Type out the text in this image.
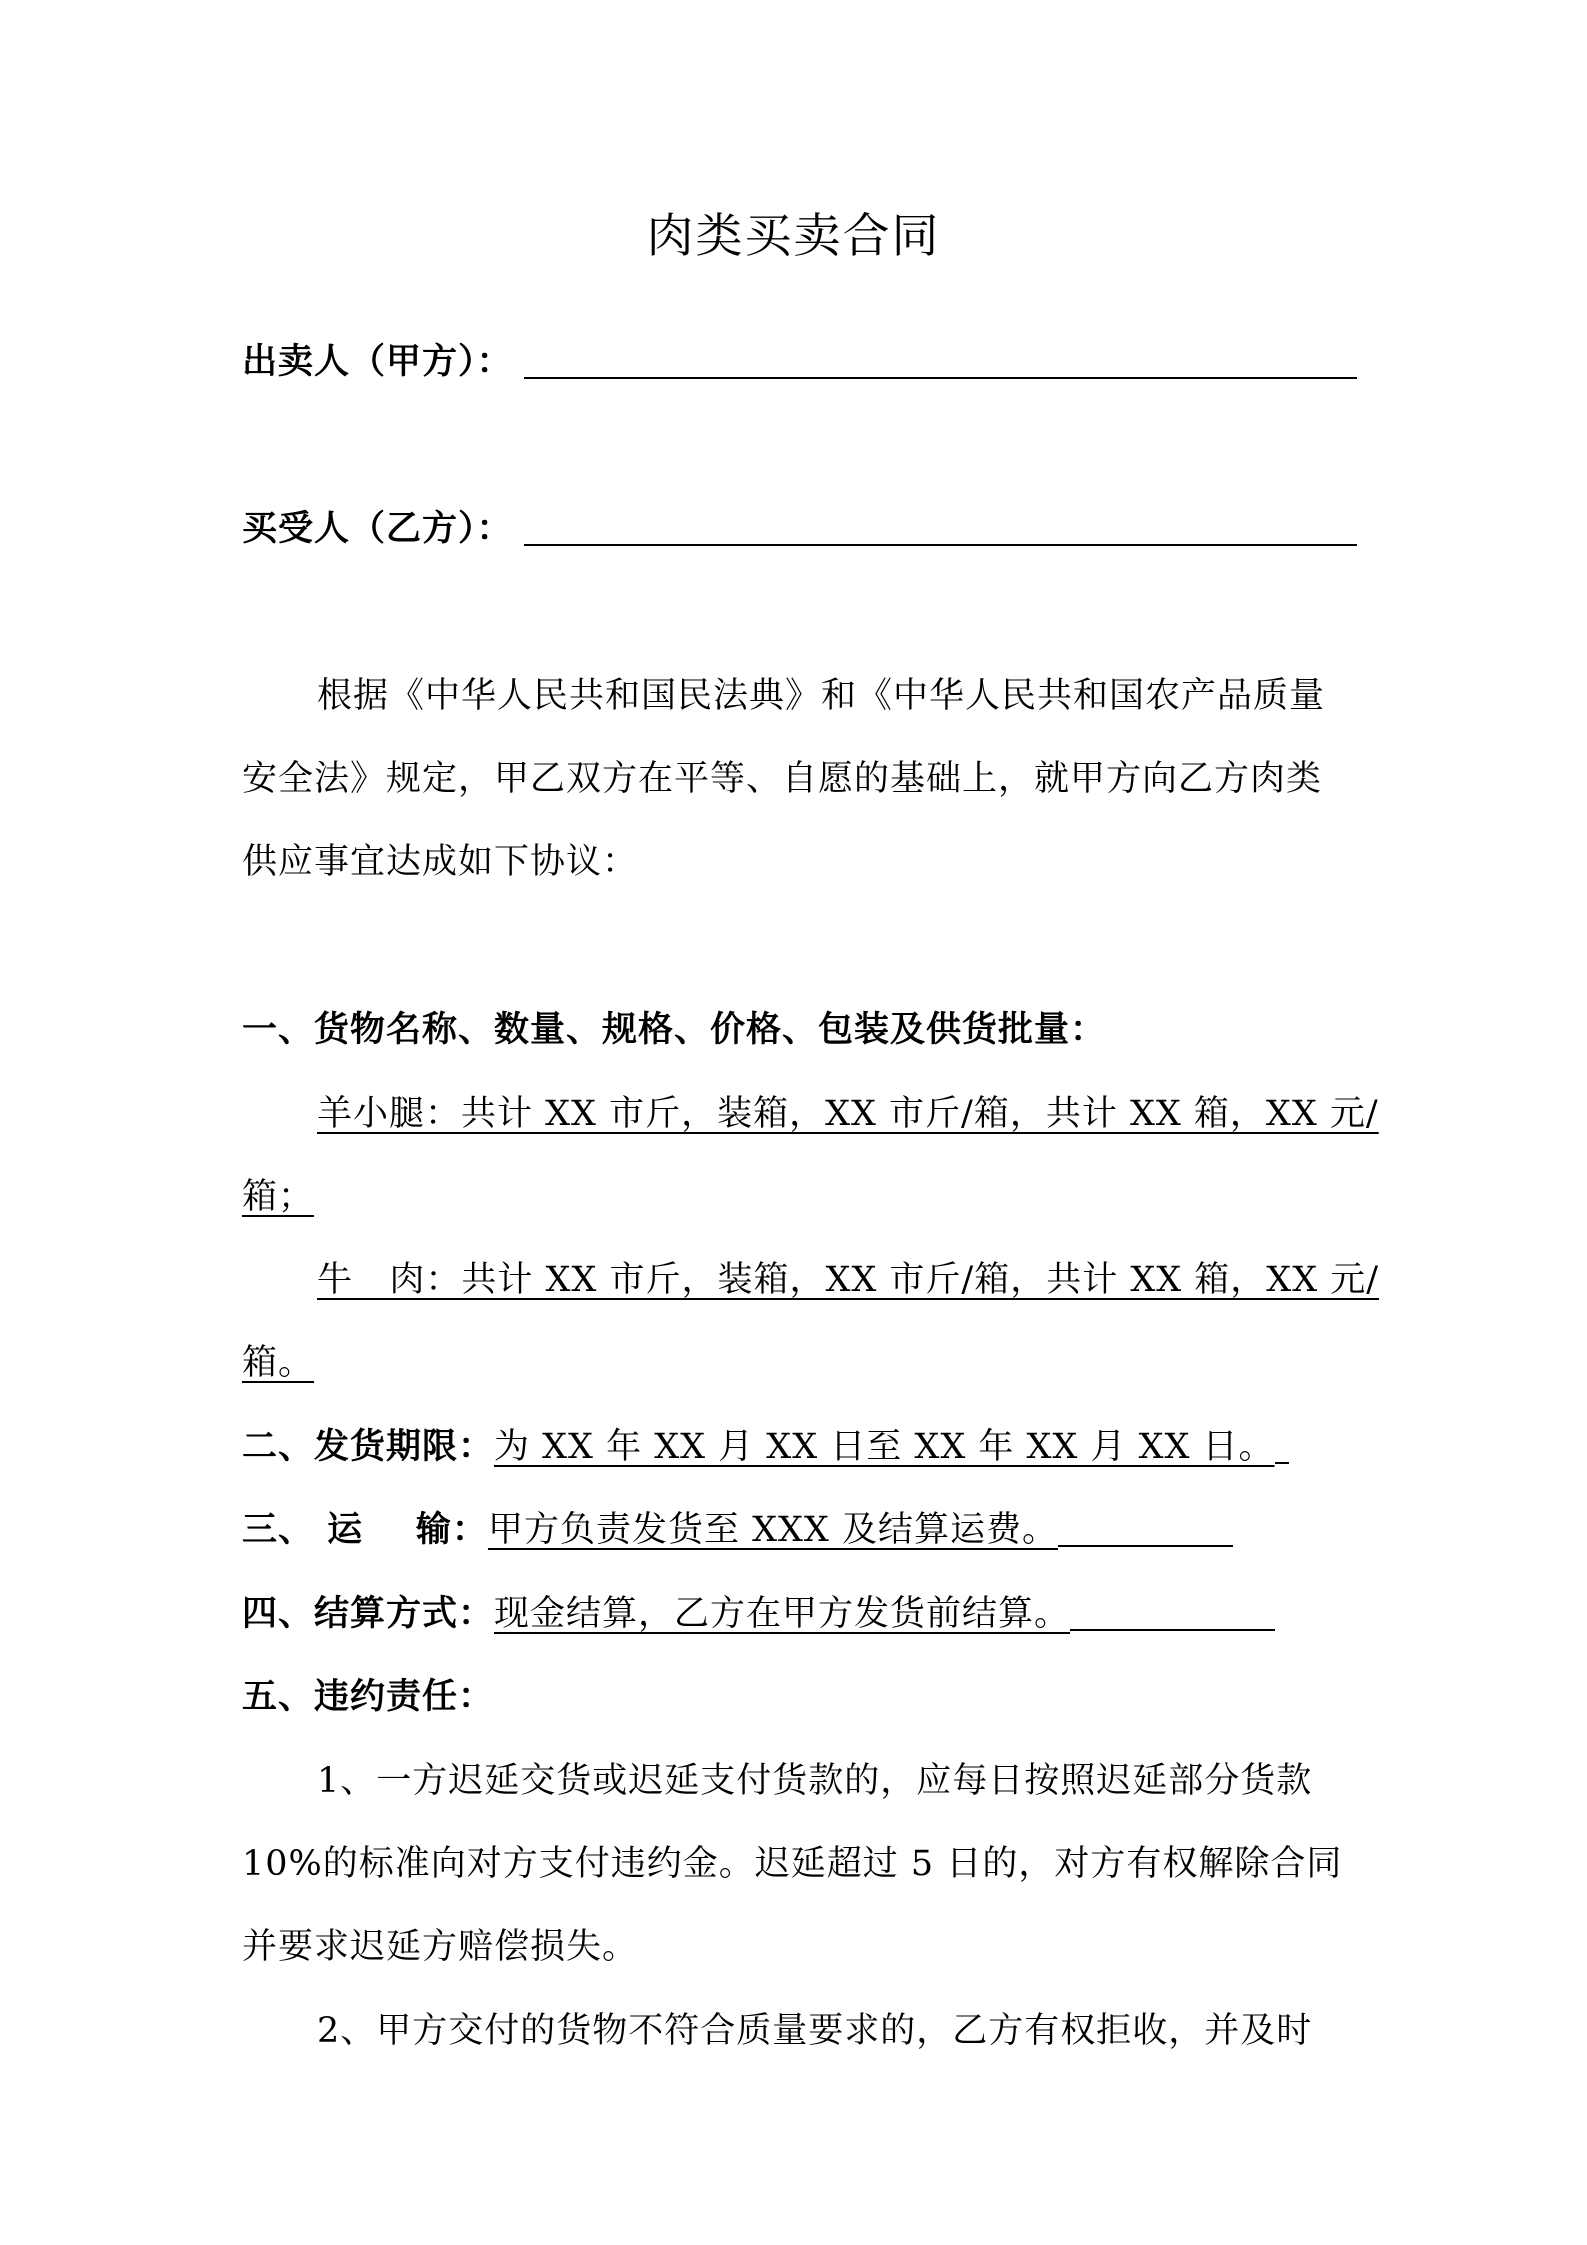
肉类买卖合同
出卖人（甲方）：
买受人（乙方）：
根据《中华人民共和国民法典》和《中华人民共和国农产品质量
安全法》规定，甲乙双方在平等、自愿的基础上，就甲方向乙方肉类
供应事宜达成如下协议：
一、货物名称、数量、规格、价格、包装及供货批量：
羊小腿：共计 XX 市斤，装箱，XX 市斤/箱，共计 XX 箱，XX 元/
箱；
牛   肉：共计 XX 市斤，装箱，XX 市斤/箱，共计 XX 箱，XX 元/
箱。
二、发货期限：为 XX 年 XX 月 XX 日至 XX 年 XX 月 XX 日。
三、 运    输：甲方负责发货至 XXX 及结算运费。
四、结算方式：现金结算，乙方在甲方发货前结算。
五、违约责任：
1、一方迟延交货或迟延支付货款的，应每日按照迟延部分货款
10%的标准向对方支付违约金。迟延超过 5 日的，对方有权解除合同
并要求迟延方赔偿损失。
2、甲方交付的货物不符合质量要求的，乙方有权拒收，并及时
